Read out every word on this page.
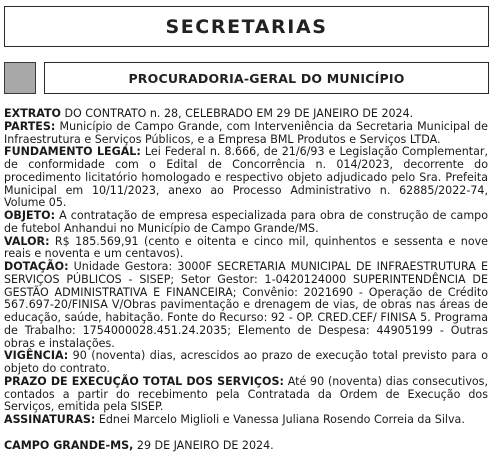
SECRETARIAS
PROCURADORIA-GERAL DO MUNICÍPIO

EXTRATO DO CONTRATO n. 28, CELEBRADO EM 29 DE JANEIRO DE 2024.

PARTES: Município de Campo Grande, com Interveniência da Secretaria Municipal de Infraestrutura e Serviços Públicos, e a Empresa BML Produtos e Serviços LTDA.

FUNDAMENTO LEGAL: Lei Federal n. 8.666, de 21/6/93 e Legislação Complementar, de conformidade com o Edital de Concorrência n. 014/2023, decorrente do procedimento licitatório homologado e respectivo objeto adjudicado pelo Sra. Prefeita Municipal em 10/11/2023, anexo ao Processo Administrativo n. 62885/2022-74, Volume 05.

OBJETO: A contratação de empresa especializada para obra de construção de campo de futebol Anhandui no Município de Campo Grande/MS.

VALOR: R$ 185.569,91 (cento e oitenta e cinco mil, quinhentos e sessenta e nove reais e noventa e um centavos).

DOTAÇÃO: Unidade Gestora: 3000F SECRETARIA MUNICIPAL DE INFRAESTRUTURA E SERVIÇOS PÚBLICOS - SISEP; Setor Gestor: 1-0420124000 SUPERINTENDÊNCIA DE GESTÃO ADMINISTRATIVA E FINANCEIRA; Convênio: 2021690 - Operação de Crédito 567.697-20/FINISA V/Obras pavimentação e drenagem de vias, de obras nas áreas de educação, saúde, habitação. Fonte do Recurso: 92 - OP. CRED.CEF/ FINISA 5. Programa de Trabalho: 1754000028.451.24.2035; Elemento de Despesa: 44905199 - Outras obras e instalações.

VIGÊNCIA: 90 (noventa) dias, acrescidos ao prazo de execução total previsto para o objeto do contrato.

PRAZO DE EXECUÇÃO TOTAL DOS SERVIÇOS: Até 90 (noventa) dias consecutivos, contados a partir do recebimento pela Contratada da Ordem de Execução dos Serviços, emitida pela SISEP.

ASSINATURAS: Ednei Marcelo Miglioli e Vanessa Juliana Rosendo Correia da Silva.

CAMPO GRANDE-MS, 29 DE JANEIRO DE 2024.
